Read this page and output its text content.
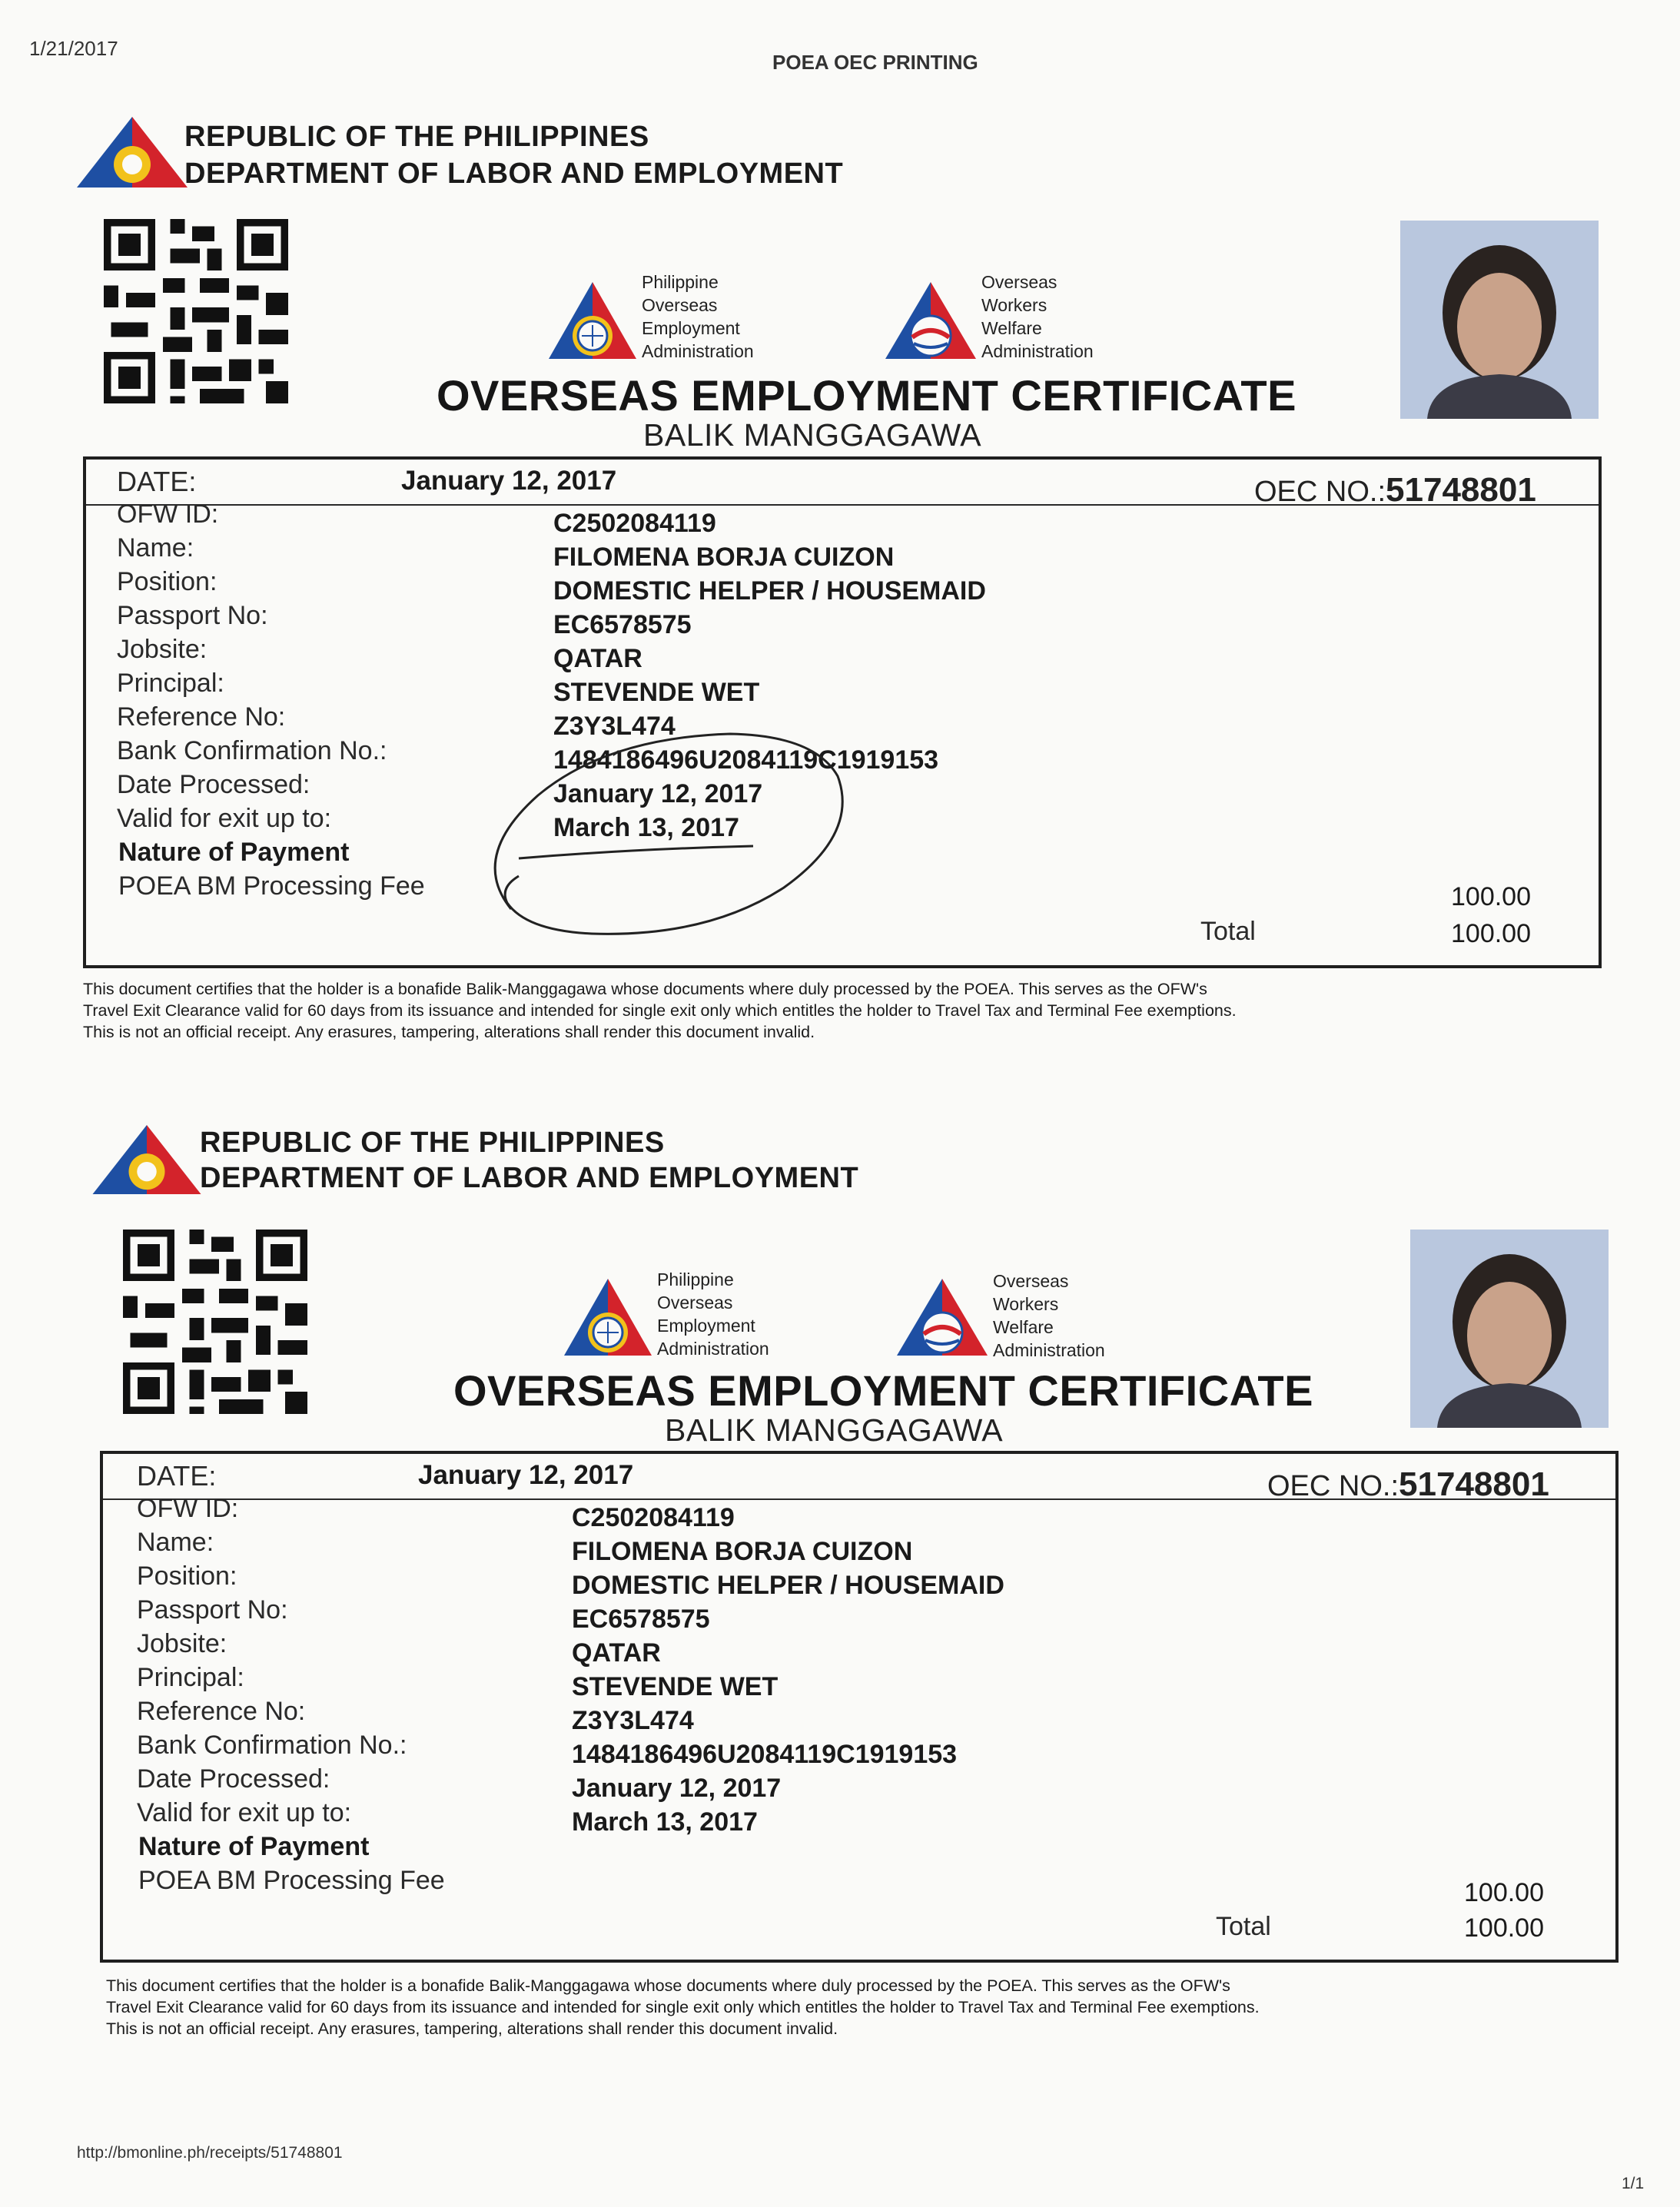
1/21/2017
POEA OEC PRINTING
REPUBLIC OF THE PHILIPPINES
DEPARTMENT OF LABOR AND EMPLOYMENT
Philippine
Overseas
Employment
Administration
Overseas
Workers
Welfare
Administration
OVERSEAS EMPLOYMENT CERTIFICATE
BALIK MANGGAGAWA
DATE:	January 12, 2017	OEC NO.:51748801
OFW ID:	C2502084119
Name:	FILOMENA BORJA CUIZON
Position:	DOMESTIC HELPER / HOUSEMAID
Passport No:	EC6578575
Jobsite:	QATAR
Principal:	STEVENDE WET
Reference No:	Z3Y3L474
Bank Confirmation No.:	1484186496U2084119C1919153
Date Processed:	January 12, 2017
Valid for exit up to:	March 13, 2017
Nature of Payment
POEA BM Processing Fee	100.00
Total	100.00
This document certifies that the holder is a bonafide Balik-Manggagawa whose documents where duly processed by the POEA. This serves as the OFW's
Travel Exit Clearance valid for 60 days from its issuance and intended for single exit only which entitles the holder to Travel Tax and Terminal Fee exemptions.
This is not an official receipt. Any erasures, tampering, alterations shall render this document invalid.
REPUBLIC OF THE PHILIPPINES
DEPARTMENT OF LABOR AND EMPLOYMENT
Philippine
Overseas
Employment
Administration
Overseas
Workers
Welfare
Administration
OVERSEAS EMPLOYMENT CERTIFICATE
BALIK MANGGAGAWA
DATE:	January 12, 2017	OEC NO.:51748801
OFW ID:	C2502084119
Name:	FILOMENA BORJA CUIZON
Position:	DOMESTIC HELPER / HOUSEMAID
Passport No:	EC6578575
Jobsite:	QATAR
Principal:	STEVENDE WET
Reference No:	Z3Y3L474
Bank Confirmation No.:	1484186496U2084119C1919153
Date Processed:	January 12, 2017
Valid for exit up to:	March 13, 2017
Nature of Payment
POEA BM Processing Fee	100.00
Total	100.00
This document certifies that the holder is a bonafide Balik-Manggagawa whose documents where duly processed by the POEA. This serves as the OFW's
Travel Exit Clearance valid for 60 days from its issuance and intended for single exit only which entitles the holder to Travel Tax and Terminal Fee exemptions.
This is not an official receipt. Any erasures, tampering, alterations shall render this document invalid.
http://bmonline.ph/receipts/51748801
1/1
